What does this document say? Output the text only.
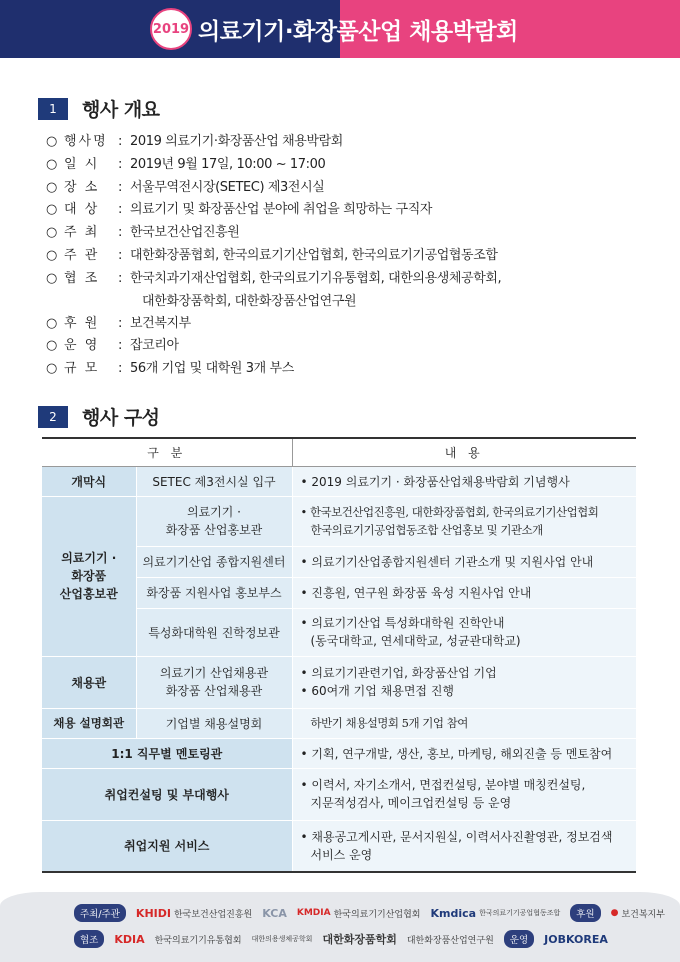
2019 의료기기·화장품산업 채용박람회
1	행사 개요
○ 행사명 : 2019 의료기기·화장품산업 채용박람회
○ 일 시	: 2019년 9월 17일, 10:00 ~ 17:00
○ 장 소	: 서울무역전시장(SETEC) 제3전시실
○ 대 상	: 의료기기 및 화장품산업 분야에 취업을 희망하는 구직자
○ 주 최	: 한국보건산업진흥원
○ 주 관	: 대한화장품협회, 한국의료기기산업협회, 한국의료기기공업협동조합
○ 협 조	: 한국치과기재산업협회, 한국의료기기유통협회, 대한의용생체공학회,
대한화장품학회, 대한화장품산업연구원
○ 후 원	: 보건복지부
○ 운 영	: 잡코리아
○ 규 모	: 56개 기업 및 대학원 3개 부스
2	행사 구성
구 분		내 용
개막식	SETEC 제3전시실 입구	• 2019 의료기기 · 화장품산업채용박람회 기념행사

의료기기 ·
화장품
산업홍보관	의료기기 ·
화장품 산업홍보관	• 한국보건산업진흥원, 대한화장품협회, 한국의료기기산업협회
한국의료기기공업협동조합 산업홍보 및 기관소개

	의료기기산업 종합지원센터	• 의료기기산업종합지원센터 기관소개 및 지원사업 안내
	화장품 지원사업 홍보부스	• 진흥원, 연구원 화장품 육성 지원사업 안내
	특성화대학원 진학정보관	• 의료기기산업 특성화대학원 진학안내
(동국대학교, 연세대학교, 성균관대학교)

채용관	의료기기 산업채용관
화장품 산업채용관	• 의료기기관련기업, 화장품산업 기업
• 60여개 기업 채용면접 진행

채용 설명회관	기업별 채용설명회	하반기 채용설명회 5개 기업 참여
1:1 직무별 멘토링관		• 기획, 연구개발, 생산, 홍보, 마케팅, 해외진출 등 멘토참여
취업컨설팅 및 부대행사		• 이력서, 자기소개서, 면접컨설팅, 분야별 매칭컨설팅,
지문적성검사, 메이크업컨설팅 등 운영

취업지원 서비스		• 채용공고게시판, 문서지원실, 이력서사진촬영관, 정보검색
서비스 운영
주최/주관	KHIDI 한국보건산업진흥원 KCA KMDIA 한국의료기기산업협회 Kmdica 한국의료기기공업협동조합	후원	● 보건복지부
협조	KDIA 한국의료기기유통협회 대한의용생체공학회 대한화장품학회 대한화장품산업연구원	운영	JOBKOREA
